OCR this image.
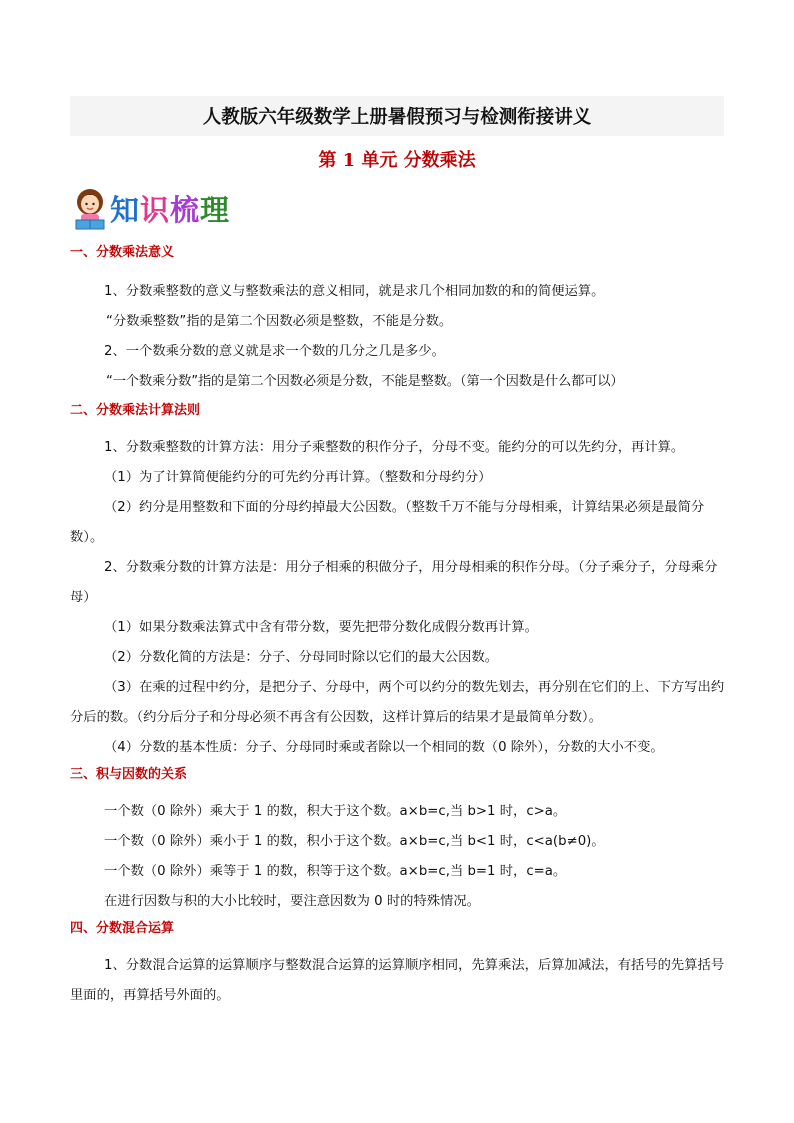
人教版六年级数学上册暑假预习与检测衔接讲义
第 1 单元 分数乘法
知识梳理

一、分数乘法意义

1、分数乘整数的意义与整数乘法的意义相同，就是求几个相同加数的和的简便运算。

“分数乘整数”指的是第二个因数必须是整数，不能是分数。

2、一个数乘分数的意义就是求一个数的几分之几是多少。

“一个数乘分数”指的是第二个因数必须是分数，不能是整数。（第一个因数是什么都可以）

二、分数乘法计算法则

1、分数乘整数的计算方法：用分子乘整数的积作分子，分母不变。能约分的可以先约分，再计算。

（1）为了计算简便能约分的可先约分再计算。（整数和分母约分）

（2）约分是用整数和下面的分母约掉最大公因数。（整数千万不能与分母相乘，计算结果必须是最简分数）。

2、分数乘分数的计算方法是：用分子相乘的积做分子，用分母相乘的积作分母。（分子乘分子，分母乘分母）

（1）如果分数乘法算式中含有带分数，要先把带分数化成假分数再计算。

（2）分数化简的方法是：分子、分母同时除以它们的最大公因数。

（3）在乘的过程中约分，是把分子、分母中，两个可以约分的数先划去，再分别在它们的上、下方写出约分后的数。（约分后分子和分母必须不再含有公因数，这样计算后的结果才是最简单分数）。

（4）分数的基本性质：分子、分母同时乘或者除以一个相同的数（0 除外），分数的大小不变。

三、积与因数的关系

一个数（0 除外）乘大于 1 的数，积大于这个数。a×b=c,当 b>1 时，c>a。

一个数（0 除外）乘小于 1 的数，积小于这个数。a×b=c,当 b<1 时，c<a(b≠0)。

一个数（0 除外）乘等于 1 的数，积等于这个数。a×b=c,当 b=1 时，c=a。

在进行因数与积的大小比较时，要注意因数为 0 时的特殊情况。

四、分数混合运算

1、分数混合运算的运算顺序与整数混合运算的运算顺序相同，先算乘法，后算加减法，有括号的先算括号里面的，再算括号外面的。
